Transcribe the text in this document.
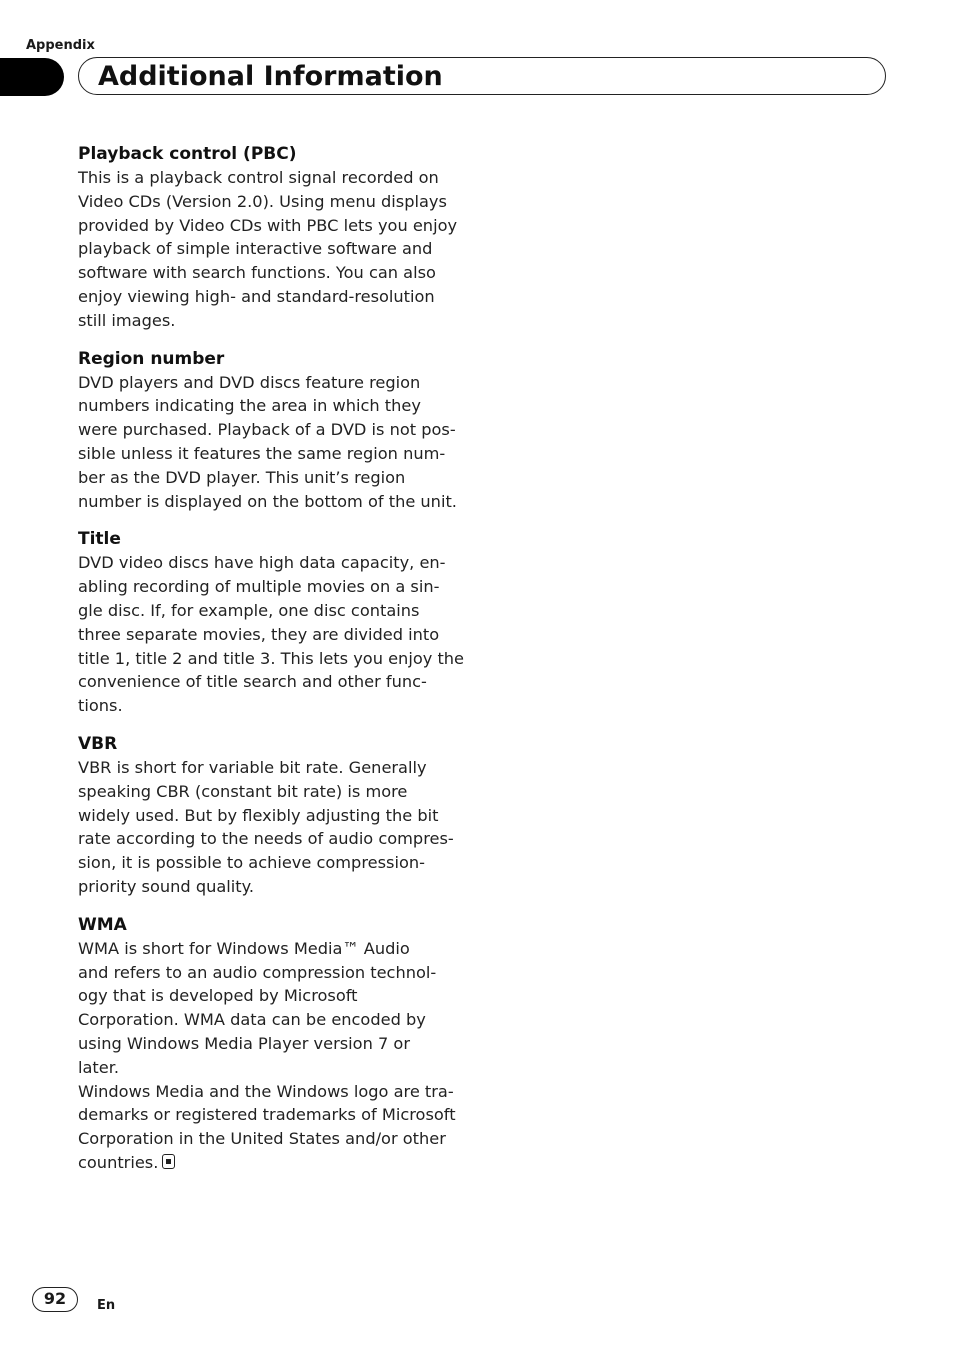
Appendix
Additional Information

Playback control (PBC)

This is a playback control signal recorded on
Video CDs (Version 2.0). Using menu displays
provided by Video CDs with PBC lets you enjoy
playback of simple interactive software and
software with search functions. You can also
enjoy viewing high- and standard-resolution
still images.

Region number

DVD players and DVD discs feature region
numbers indicating the area in which they
were purchased. Playback of a DVD is not pos-
sible unless it features the same region num-
ber as the DVD player. This unit’s region
number is displayed on the bottom of the unit.

Title

DVD video discs have high data capacity, en-
abling recording of multiple movies on a sin-
gle disc. If, for example, one disc contains
three separate movies, they are divided into
title 1, title 2 and title 3. This lets you enjoy the
convenience of title search and other func-
tions.

VBR

VBR is short for variable bit rate. Generally
speaking CBR (constant bit rate) is more
widely used. But by flexibly adjusting the bit
rate according to the needs of audio compres-
sion, it is possible to achieve compression-
priority sound quality.

WMA

WMA is short for Windows Media™ Audio
and refers to an audio compression technol-
ogy that is developed by Microsoft
Corporation. WMA data can be encoded by
using Windows Media Player version 7 or
later.
Windows Media and the Windows logo are tra-
demarks or registered trademarks of Microsoft
Corporation in the United States and/or other
countries.

92	En
